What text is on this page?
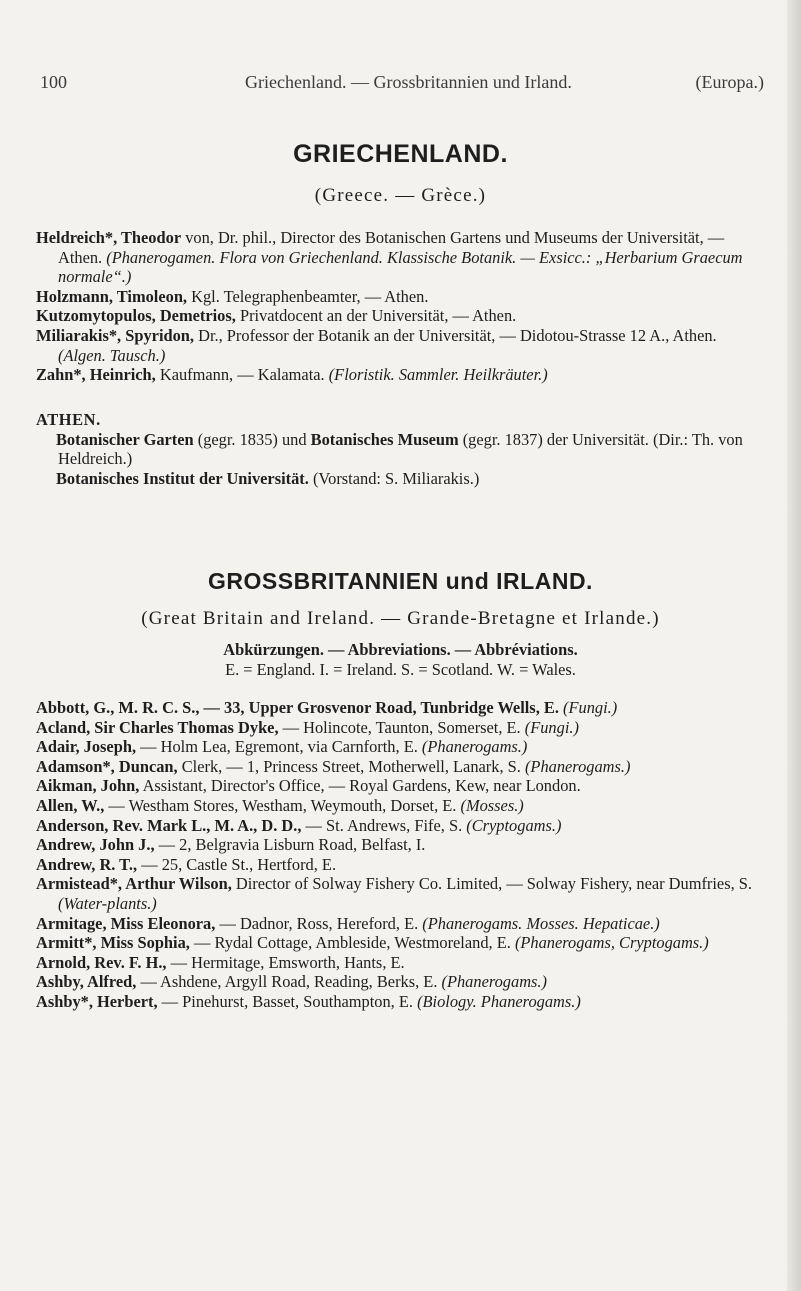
100	Griechenland. — Grossbritannien und Irland.	(Europa.)
GRIECHENLAND.
(Greece. — Grèce.)

Heldreich*, Theodor von, Dr. phil., Director des Botanischen Gartens und Museums der Universität, — Athen. (Phanerogamen. Flora von Griechenland. Klassische Botanik. — Exsicc.: „Herbarium Graecum normale“.)

Holzmann, Timoleon, Kgl. Telegraphenbeamter, — Athen.

Kutzomytopulos, Demetrios, Privatdocent an der Universität, — Athen.

Miliarakis*, Spyridon, Dr., Professor der Botanik an der Universität, — Didotou-Strasse 12 A., Athen. (Algen. Tausch.)

Zahn*, Heinrich, Kaufmann, — Kalamata. (Floristik. Sammler. Heilkräuter.)

ATHEN.
Botanischer Garten (gegr. 1835) und Botanisches Museum (gegr. 1837) der Universität. (Dir.: Th. von Heldreich.)
Botanisches Institut der Universität. (Vorstand: S. Miliarakis.)
GROSSBRITANNIEN und IRLAND.
(Great Britain and Ireland. — Grande-Bretagne et Irlande.)
Abkürzungen. — Abbreviations. — Abbréviations.
E. = England. I. = Ireland. S. = Scotland. W. = Wales.

Abbott, G., M. R. C. S., — 33, Upper Grosvenor Road, Tunbridge Wells, E. (Fungi.)

Acland, Sir Charles Thomas Dyke, — Holincote, Taunton, Somerset, E. (Fungi.)

Adair, Joseph, — Holm Lea, Egremont, via Carnforth, E. (Phanerogams.)

Adamson*, Duncan, Clerk, — 1, Princess Street, Motherwell, Lanark, S. (Phanerogams.)

Aikman, John, Assistant, Director's Office, — Royal Gardens, Kew, near London.

Allen, W., — Westham Stores, Westham, Weymouth, Dorset, E. (Mosses.)

Anderson, Rev. Mark L., M. A., D. D., — St. Andrews, Fife, S. (Cryptogams.)

Andrew, John J., — 2, Belgravia Lisburn Road, Belfast, I.

Andrew, R. T., — 25, Castle St., Hertford, E.

Armistead*, Arthur Wilson, Director of Solway Fishery Co. Limited, — Solway Fishery, near Dumfries, S. (Water-plants.)

Armitage, Miss Eleonora, — Dadnor, Ross, Hereford, E. (Phanerogams. Mosses. Hepaticae.)

Armitt*, Miss Sophia, — Rydal Cottage, Ambleside, Westmoreland, E. (Phanerogams, Cryptogams.)

Arnold, Rev. F. H., — Hermitage, Emsworth, Hants, E.

Ashby, Alfred, — Ashdene, Argyll Road, Reading, Berks, E. (Phanerogams.)

Ashby*, Herbert, — Pinehurst, Basset, Southampton, E. (Biology. Phanerogams.)
